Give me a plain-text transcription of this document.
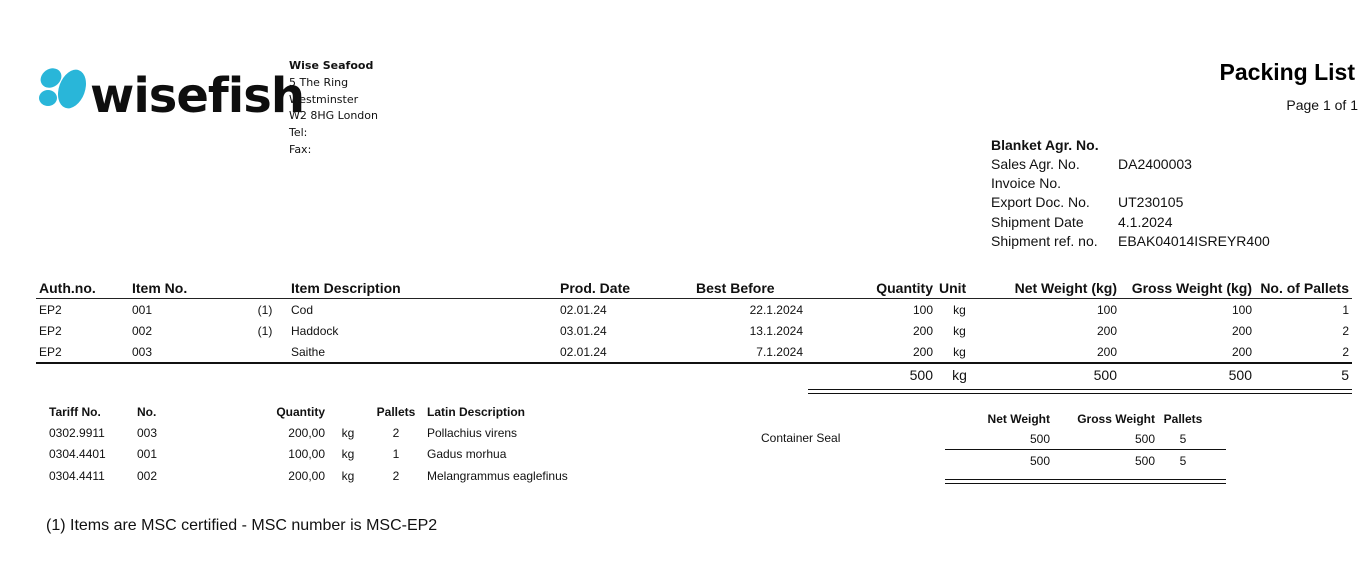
wisefish
Wise Seafood
5 The Ring
Westminster
W2 8HG London
Tel:
Fax:
Packing List
Page 1 of 1
Blanket Agr. No.
Sales Agr. No.	DA2400003
Invoice No.
Export Doc. No.	UT230105
Shipment Date	4.1.2024
Shipment ref. no.	EBAK04014ISREYR400
Auth.no.	Item No.		Item Description	Prod. Date	Best Before	Quantity	Unit	Net Weight (kg)	Gross Weight (kg)	No. of Pallets
EP2	001	(1)	Cod	02.01.24	22.1.2024	100	kg	100	100	1
EP2	002	(1)	Haddock	03.01.24	13.1.2024	200	kg	200	200	2
EP2	003		Saithe	02.01.24	7.1.2024	200	kg	200	200	2
						500	kg	500	500	5
Tariff No.	No.	Quantity		Pallets	Latin Description
0302.9911	003	200,00	kg	2	Pollachius virens
0304.4401	001	100,00	kg	1	Gadus morhua
0304.4411	002	200,00	kg	2	Melangrammus eaglefinus
Container Seal
Net Weight	Gross Weight	Pallets	
500	500	5	
500	500	5	
(1) Items are MSC certified - MSC number is MSC-EP2
